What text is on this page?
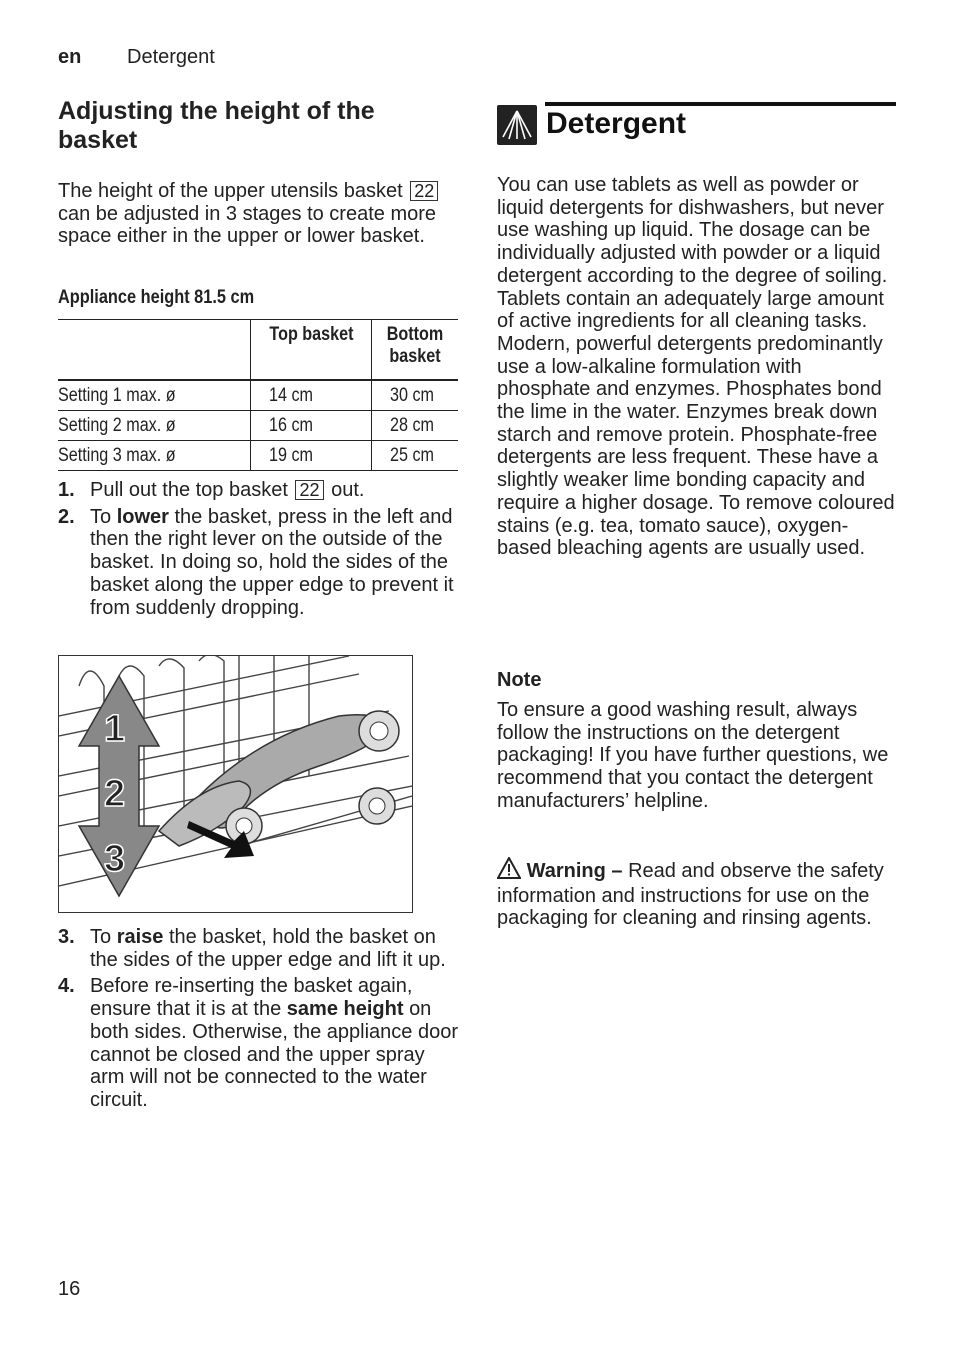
en Detergent
Adjusting the height of the basket
The height of the upper utensils basket 22 can be adjusted in 3 stages to create more space either in the upper or lower basket.
Appliance height 81.5 cm
	Top basket	Bottom basket

Setting 1 max. ø	14 cm	30 cm
Setting 2 max. ø	16 cm	28 cm
Setting 3 max. ø	19 cm	25 cm
1. Pull out the top basket 22 out.
2. To lower the basket, press in the left and then the right lever on the outside of the basket. In doing so, hold the sides of the basket along the upper edge to prevent it from suddenly dropping.
1
2
3
3. To raise the basket, hold the basket on the sides of the upper edge and lift it up.
4. Before re-inserting the basket again, ensure that it is at the same height on both sides. Otherwise, the appliance door cannot be closed and the upper spray arm will not be connected to the water circuit.
Detergent
You can use tablets as well as powder or liquid detergents for dishwashers, but never use washing up liquid. The dosage can be individually adjusted with powder or a liquid detergent according to the degree of soiling. Tablets contain an adequately large amount of active ingredients for all cleaning tasks. Modern, powerful detergents predominantly use a low-alkaline formulation with phosphate and enzymes. Phosphates bond the lime in the water. Enzymes break down starch and remove protein. Phosphate-free detergents are less frequent. These have a slightly weaker lime bonding capacity and require a higher dosage. To remove coloured stains (e.g. tea, tomato sauce), oxygen-based bleaching agents are usually used.
Note
To ensure a good washing result, always follow the instructions on the detergent packaging! If you have further questions, we recommend that you contact the detergent manufacturers’ helpline.
Warning – Read and observe the safety information and instructions for use on the packaging for cleaning and rinsing agents.
16
